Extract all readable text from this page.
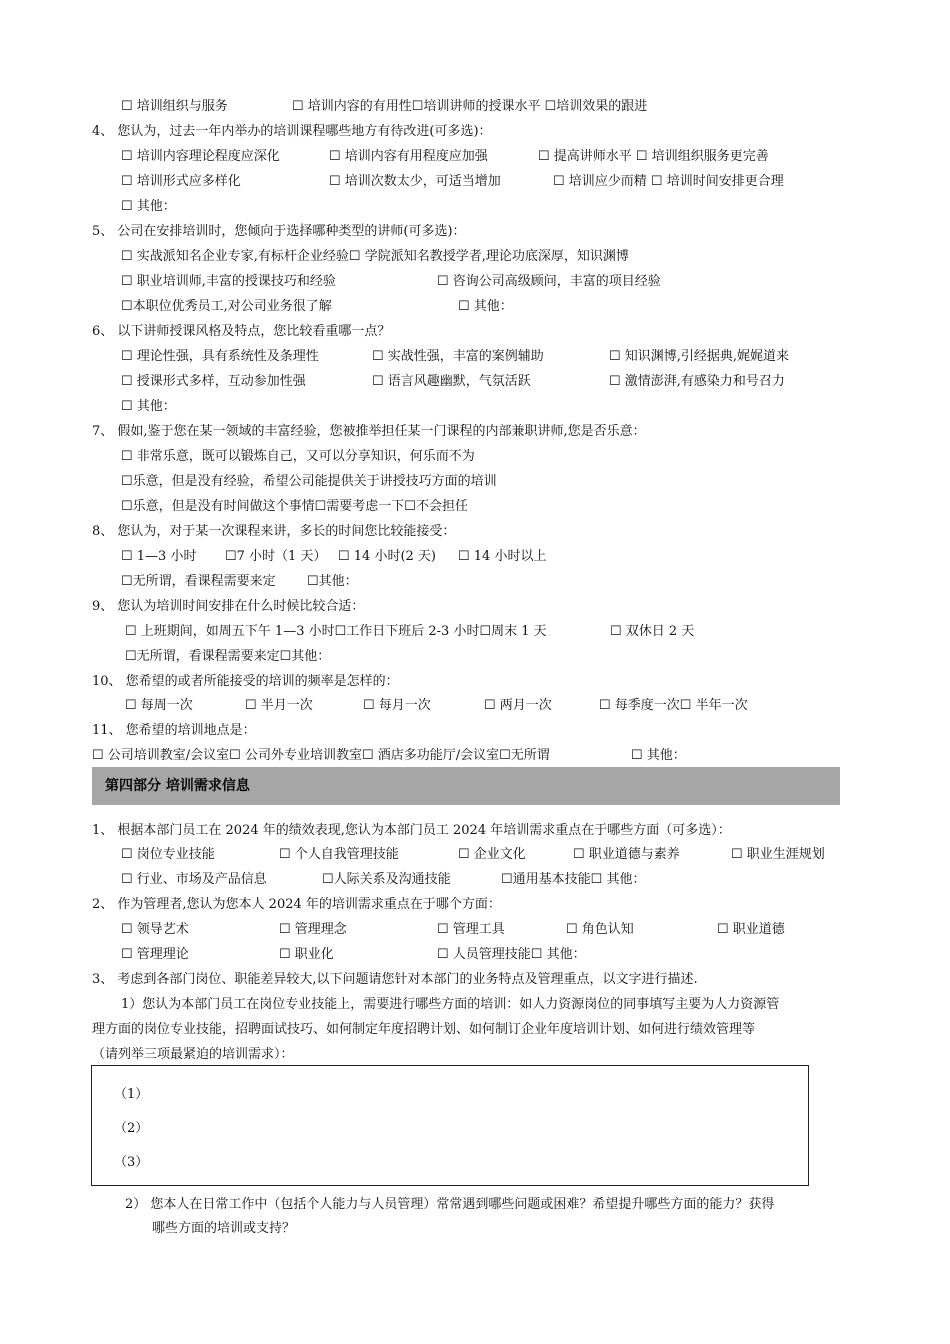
☐ 培训组织与服务	☐ 培训内容的有用性☐培训讲师的授课水平 ☐培训效果的跟进
4、 您认为，过去一年内举办的培训课程哪些地方有待改进(可多选)：
☐ 培训内容理论程度应深化	☐ 培训内容有用程度应加强	☐ 提高讲师水平 ☐ 培训组织服务更完善
☐ 培训形式应多样化	☐ 培训次数太少，可适当增加	☐ 培训应少而精 ☐ 培训时间安排更合理
☐ 其他：
5、 公司在安排培训时，您倾向于选择哪种类型的讲师(可多选)：
☐ 实战派知名企业专家,有标杆企业经验☐ 学院派知名教授学者,理论功底深厚，知识渊博
☐ 职业培训师,丰富的授课技巧和经验	☐ 咨询公司高级顾问，丰富的项目经验
☐本职位优秀员工,对公司业务很了解	☐ 其他：
6、 以下讲师授课风格及特点，您比较看重哪一点？
☐ 理论性强，具有系统性及条理性	☐ 实战性强，丰富的案例辅助	☐ 知识渊博,引经据典,娓娓道来
☐ 授课形式多样，互动参加性强	☐ 语言风趣幽默，气氛活跃	☐ 激情澎湃,有感染力和号召力
☐ 其他：
7、 假如,鉴于您在某一领域的丰富经验，您被推举担任某一门课程的内部兼职讲师,您是否乐意：
☐ 非常乐意，既可以锻炼自己，又可以分享知识，何乐而不为
☐乐意，但是没有经验，希望公司能提供关于讲授技巧方面的培训
☐乐意，但是没有时间做这个事情☐需要考虑一下☐不会担任
8、 您认为，对于某一次课程来讲，多长的时间您比较能接受：
☐ 1—3 小时 ☐7 小时（1 天） ☐ 14 小时(2 天) ☐ 14 小时以上
☐无所谓，看课程需要来定 ☐其他：
9、 您认为培训时间安排在什么时候比较合适：
☐ 上班期间，如周五下午 1—3 小时☐工作日下班后 2-3 小时☐周末 1 天	☐ 双休日 2 天
☐无所谓，看课程需要来定☐其他：
10、 您希望的或者所能接受的培训的频率是怎样的：
☐ 每周一次	☐ 半月一次	☐ 每月一次	☐ 两月一次	☐ 每季度一次☐ 半年一次
11、 您希望的培训地点是：
☐ 公司培训教室/会议室☐ 公司外专业培训教室☐ 酒店多功能厅/会议室☐无所谓	☐ 其他：
第四部分 培训需求信息
1、 根据本部门员工在 2024 年的绩效表现,您认为本部门员工 2024 年培训需求重点在于哪些方面（可多选）：
☐ 岗位专业技能	☐ 个人自我管理技能	☐ 企业文化	☐ 职业道德与素养	☐ 职业生涯规划
☐ 行业、市场及产品信息	☐人际关系及沟通技能	☐通用基本技能☐ 其他：
2、 作为管理者,您认为您本人 2024 年的培训需求重点在于哪个方面：
☐ 领导艺术	☐ 管理理念	☐ 管理工具	☐ 角色认知	☐ 职业道德
☐ 管理理论	☐ 职业化	☐ 人员管理技能☐ 其他：
3、 考虑到各部门岗位、职能差异较大,以下问题请您针对本部门的业务特点及管理重点，以文字进行描述.
1）您认为本部门员工在岗位专业技能上，需要进行哪些方面的培训：如人力资源岗位的同事填写主要为人力资源管
理方面的岗位专业技能，招聘面试技巧、如何制定年度招聘计划、如何制订企业年度培训计划、如何进行绩效管理等
（请列举三项最紧迫的培训需求）：
（1）
（2）
（3）
2） 您本人在日常工作中（包括个人能力与人员管理）常常遇到哪些问题或困难？希望提升哪些方面的能力？获得
哪些方面的培训或支持？
